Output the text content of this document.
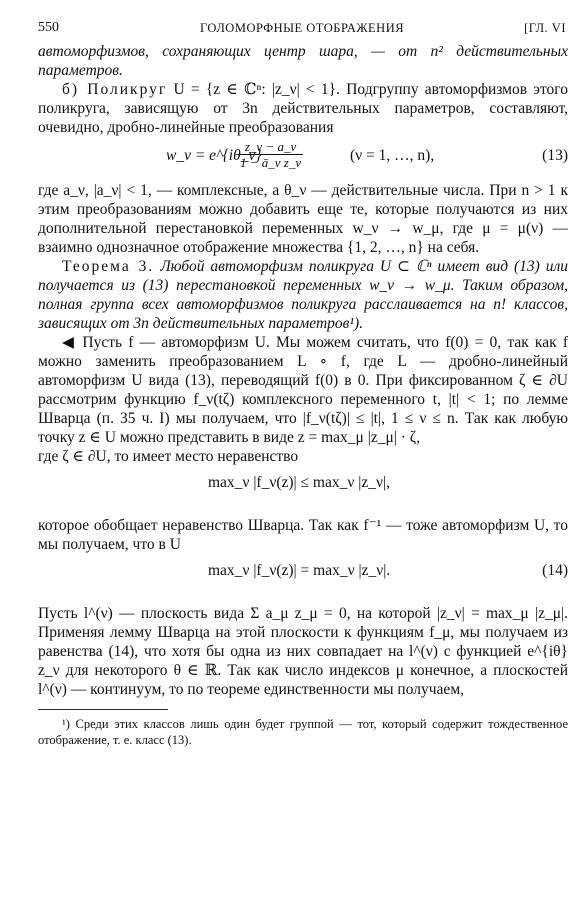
550	ГОЛОМОРФНЫЕ ОТОБРАЖЕНИЯ	[ГЛ. VI

автоморфизмов, сохраняющих центр шара, — от n² действительных параметров.

б) Поликруг U = {z ∈ ℂⁿ: |z_ν| < 1}. Подгруппу автоморфизмов этого поликруга, зависящую от 3n действительных параметров, составляют, очевидно, дробно-линейные преобразования

w_ν = e^{iθ_ν}
$\frac{z\_\nu - a\_\nu}{\text{1 − ā\_ν z\_ν}}$	(ν = 1, …, n),	(13)

где a_ν, |a_ν| < 1, — комплексные, а θ_ν — действительные числа. При n > 1 к этим преобразованиям можно добавить еще те, которые получаются из них дополнительной перестановкой переменных w_ν → w_μ, где μ = μ(ν) — взаимно однозначное отображение множества {1, 2, …, n} на себя.

Теорема 3. Любой автоморфизм поликруга U ⊂ ℂⁿ имеет вид (13) или получается из (13) перестановкой переменных w_ν → w_μ. Таким образом, полная группа всех автоморфизмов поликруга расслаивается на n! классов, зависящих от 3n действительных параметров¹).

◀ Пусть f — автоморфизм U. Мы можем считать, что f(0) = 0, так как f можно заменить преобразованием L ∘ f, где L — дробно-линейный автоморфизм U вида (13), переводящий f(0) в 0. При фиксированном ζ ∈ ∂U рассмотрим функцию f_ν(tζ) комплексного переменного t, |t| < 1; по лемме Шварца (п. 35 ч. I) мы получаем, что |f_ν(tζ)| ≤ |t|, 1 ≤ ν ≤ n. Так как любую точку z ∈ U можно представить в виде z = max_μ |z_μ| · ζ,

где ζ ∈ ∂U, то имеет место неравенство

max_ν |f_ν(z)| ≤ max_ν |z_ν|,

которое обобщает неравенство Шварца. Так как f⁻¹ — тоже автоморфизм U, то мы получаем, что в U

max_ν |f_ν(z)| = max_ν |z_ν|.	(14)

Пусть l^(ν) — плоскость вида Σ a_μ z_μ = 0, на которой |z_ν| = max_μ |z_μ|. Применяя лемму Шварца на этой плоскости к функциям f_μ, мы получаем из равенства (14), что хотя бы одна из них совпадает на l^(ν) с функцией e^{iθ} z_ν для некоторого θ ∈ ℝ. Так как число индексов μ конечное, а плоскостей l^(ν) — континуум, то по теореме единственности мы получаем,

¹) Среди этих классов лишь один будет группой — тот, который содержит тождественное отображение, т. е. класс (13).
